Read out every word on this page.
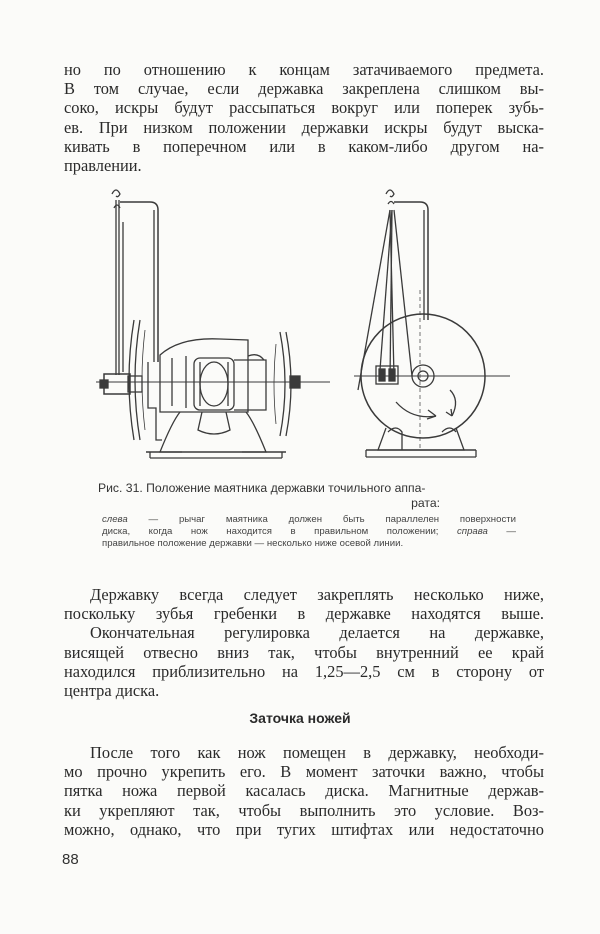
но по отношению к концам затачиваемого предмета.
В том случае, если державка закреплена слишком вы-
соко, искры будут рассыпаться вокруг или поперек зубь-
ев. При низком положении державки искры будут выска-
кивать в поперечном или в каком-либо другом на-
правлении.
Рис. 31. Положение маятника державки точильного аппа-
рата:
слева — рычаг маятника должен быть параллелен поверхности
диска, когда нож находится в правильном положении; справа —
правильное положение державки — несколько ниже осевой линии.
Державку всегда следует закреплять несколько ниже,
поскольку зубья гребенки в державке находятся выше.
Окончательная регулировка делается на державке,
висящей отвесно вниз так, чтобы внутренний ее край
находился приблизительно на 1,25—2,5 см в сторону от
центра диска.
Заточка ножей
После того как нож помещен в державку, необходи-
мо прочно укрепить его. В момент заточки важно, чтобы
пятка ножа первой касалась диска. Магнитные держав-
ки укрепляют так, чтобы выполнить это условие. Воз-
можно, однако, что при тугих штифтах или недостаточно
88
